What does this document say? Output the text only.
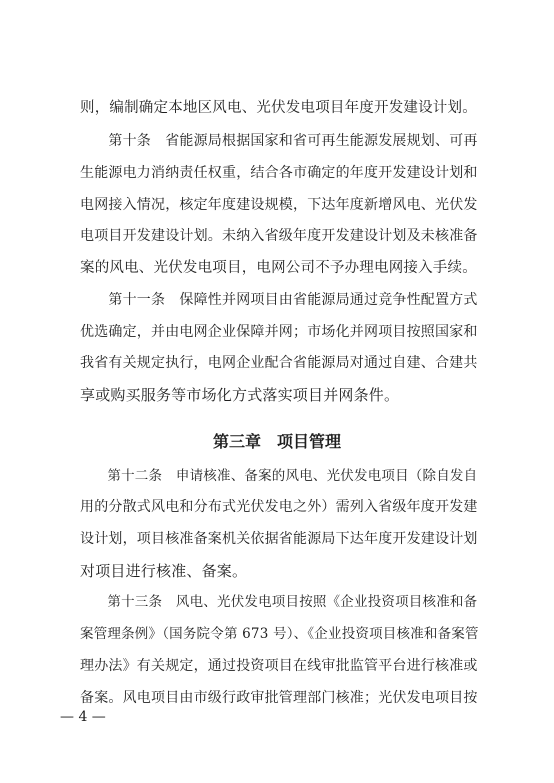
则，编制确定本地区风电、光伏发电项目年度开发建设计划。
　　第十条　省能源局根据国家和省可再生能源发展规划、可再
生能源电力消纳责任权重，结合各市确定的年度开发建设计划和
电网接入情况，核定年度建设规模，下达年度新增风电、光伏发
电项目开发建设计划。未纳入省级年度开发建设计划及未核准备
案的风电、光伏发电项目，电网公司不予办理电网接入手续。
　　第十一条　保障性并网项目由省能源局通过竞争性配置方式
优选确定，并由电网企业保障并网；市场化并网项目按照国家和
我省有关规定执行，电网企业配合省能源局对通过自建、合建共
享或购买服务等市场化方式落实项目并网条件。
第三章　项目管理
　　第十二条　申请核准、备案的风电、光伏发电项目（除自发自
用的分散式风电和分布式光伏发电之外）需列入省级年度开发建
设计划，项目核准备案机关依据省能源局下达年度开发建设计划
对项目进行核准、备案。
　　第十三条　风电、光伏发电项目按照《企业投资项目核准和备
案管理条例》（国务院令第 673 号）、《企业投资项目核准和备案管
理办法》有关规定，通过投资项目在线审批监管平台进行核准或
备案。风电项目由市级行政审批管理部门核准；光伏发电项目按
— 4 —
